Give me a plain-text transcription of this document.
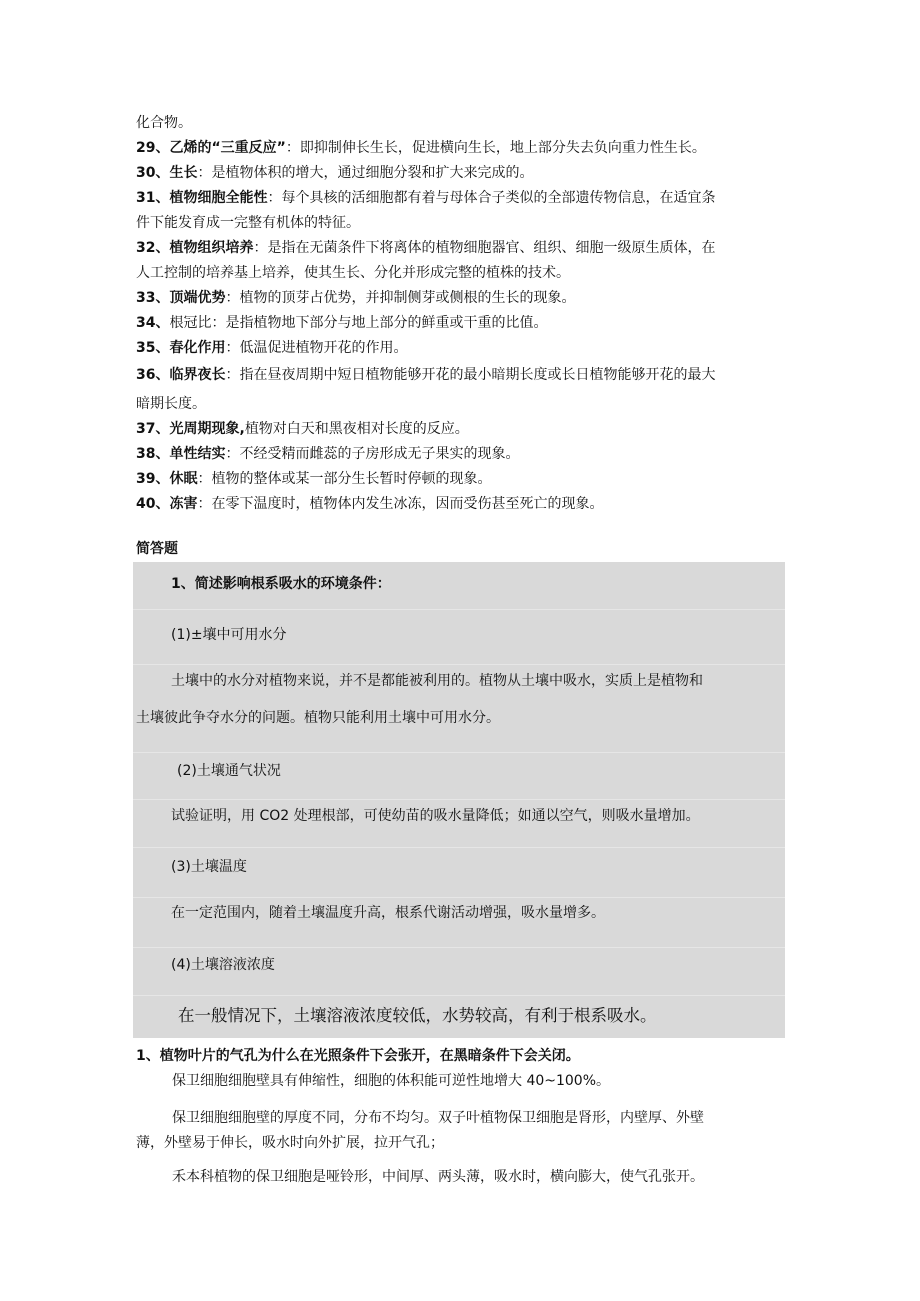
化合物。
29、乙烯的“三重反应”：即抑制伸长生长，促进横向生长，地上部分失去负向重力性生长。
30、生长：是植物体积的增大，通过细胞分裂和扩大来完成的。
31、植物细胞全能性：每个具核的活细胞都有着与母体合子类似的全部遗传物信息，在适宜条
件下能发育成一完整有机体的特征。
32、植物组织培养：是指在无菌条件下将离体的植物细胞器官、组织、细胞一级原生质体，在
人工控制的培养基上培养，使其生长、分化并形成完整的植株的技术。
33、顶端优势：植物的顶芽占优势，并抑制侧芽或侧根的生长的现象。
34、根冠比：是指植物地下部分与地上部分的鲜重或干重的比值。
35、春化作用：低温促进植物开花的作用。
36、临界夜长：指在昼夜周期中短日植物能够开花的最小暗期长度或长日植物能够开花的最大
暗期长度。
37、光周期现象,植物对白天和黑夜相对长度的反应。
38、单性结实：不经受精而雌蕊的子房形成无子果实的现象。
39、休眠：植物的整体或某一部分生长暂时停顿的现象。
40、冻害：在零下温度时，植物体内发生冰冻，因而受伤甚至死亡的现象。
简答题
1、简述影响根系吸水的环境条件：
(1)±壤中可用水分
土壤中的水分对植物来说，并不是都能被利用的。植物从土壤中吸水，实质上是植物和
土壤彼此争夺水分的问题。植物只能利用土壤中可用水分。
(2)土壤通气状况
试验证明，用 CO2 处理根部，可使幼苗的吸水量降低；如通以空气，则吸水量增加。
(3)土壤温度
在一定范围内，随着土壤温度升高，根系代谢活动增强，吸水量增多。
(4)土壤溶液浓度
在一般情况下，土壤溶液浓度较低，水势较高，有利于根系吸水。
1、植物叶片的气孔为什么在光照条件下会张开，在黑暗条件下会关闭。
保卫细胞细胞壁具有伸缩性，细胞的体积能可逆性地增大 40~100%。
保卫细胞细胞壁的厚度不同，分布不均匀。双子叶植物保卫细胞是肾形，内壁厚、外壁
薄，外壁易于伸长，吸水时向外扩展，拉开气孔；
禾本科植物的保卫细胞是哑铃形，中间厚、两头薄，吸水时，横向膨大，使气孔张开。
